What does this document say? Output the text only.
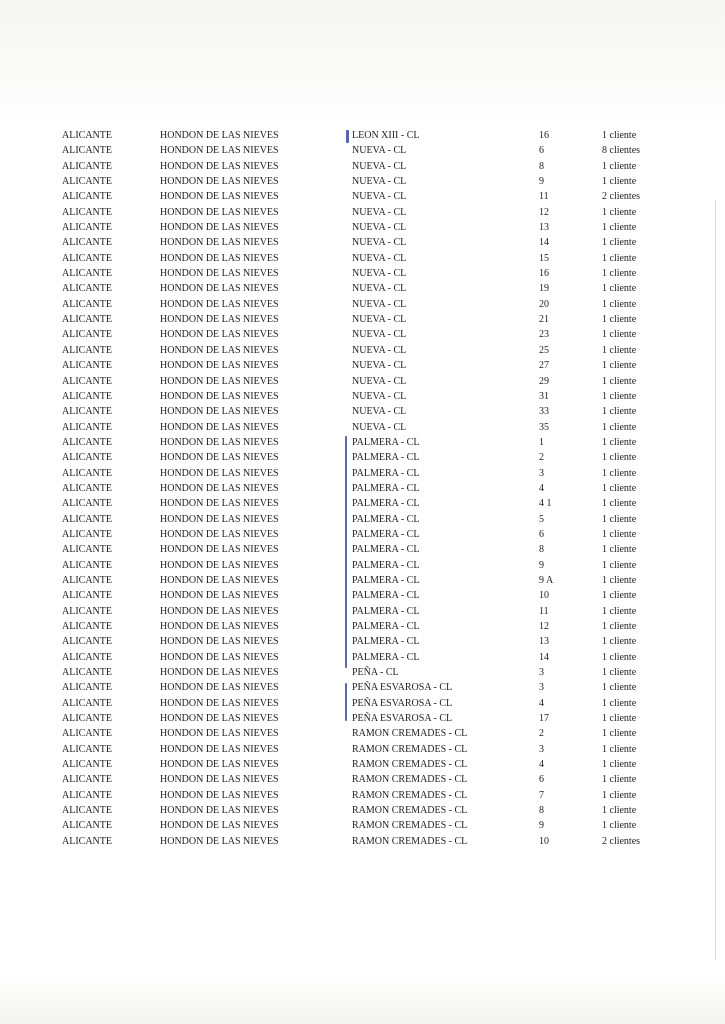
ALICANTE	HONDON DE LAS NIEVES	LEON XIII - CL	16	1 cliente
ALICANTE	HONDON DE LAS NIEVES	NUEVA - CL	6	8 clientes
ALICANTE	HONDON DE LAS NIEVES	NUEVA - CL	8	1 cliente
ALICANTE	HONDON DE LAS NIEVES	NUEVA - CL	9	1 cliente
ALICANTE	HONDON DE LAS NIEVES	NUEVA - CL	11	2 clientes
ALICANTE	HONDON DE LAS NIEVES	NUEVA - CL	12	1 cliente
ALICANTE	HONDON DE LAS NIEVES	NUEVA - CL	13	1 cliente
ALICANTE	HONDON DE LAS NIEVES	NUEVA - CL	14	1 cliente
ALICANTE	HONDON DE LAS NIEVES	NUEVA - CL	15	1 cliente
ALICANTE	HONDON DE LAS NIEVES	NUEVA - CL	16	1 cliente
ALICANTE	HONDON DE LAS NIEVES	NUEVA - CL	19	1 cliente
ALICANTE	HONDON DE LAS NIEVES	NUEVA - CL	20	1 cliente
ALICANTE	HONDON DE LAS NIEVES	NUEVA - CL	21	1 cliente
ALICANTE	HONDON DE LAS NIEVES	NUEVA - CL	23	1 cliente
ALICANTE	HONDON DE LAS NIEVES	NUEVA - CL	25	1 cliente
ALICANTE	HONDON DE LAS NIEVES	NUEVA - CL	27	1 cliente
ALICANTE	HONDON DE LAS NIEVES	NUEVA - CL	29	1 cliente
ALICANTE	HONDON DE LAS NIEVES	NUEVA - CL	31	1 cliente
ALICANTE	HONDON DE LAS NIEVES	NUEVA - CL	33	1 cliente
ALICANTE	HONDON DE LAS NIEVES	NUEVA - CL	35	1 cliente
ALICANTE	HONDON DE LAS NIEVES	PALMERA - CL	1	1 cliente
ALICANTE	HONDON DE LAS NIEVES	PALMERA - CL	2	1 cliente
ALICANTE	HONDON DE LAS NIEVES	PALMERA - CL	3	1 cliente
ALICANTE	HONDON DE LAS NIEVES	PALMERA - CL	4	1 cliente
ALICANTE	HONDON DE LAS NIEVES	PALMERA - CL	4 1	1 cliente
ALICANTE	HONDON DE LAS NIEVES	PALMERA - CL	5	1 cliente
ALICANTE	HONDON DE LAS NIEVES	PALMERA - CL	6	1 cliente
ALICANTE	HONDON DE LAS NIEVES	PALMERA - CL	8	1 cliente
ALICANTE	HONDON DE LAS NIEVES	PALMERA - CL	9	1 cliente
ALICANTE	HONDON DE LAS NIEVES	PALMERA - CL	9 A	1 cliente
ALICANTE	HONDON DE LAS NIEVES	PALMERA - CL	10	1 cliente
ALICANTE	HONDON DE LAS NIEVES	PALMERA - CL	11	1 cliente
ALICANTE	HONDON DE LAS NIEVES	PALMERA - CL	12	1 cliente
ALICANTE	HONDON DE LAS NIEVES	PALMERA - CL	13	1 cliente
ALICANTE	HONDON DE LAS NIEVES	PALMERA - CL	14	1 cliente
ALICANTE	HONDON DE LAS NIEVES	PEÑA - CL	3	1 cliente
ALICANTE	HONDON DE LAS NIEVES	PEÑA ESVAROSA - CL	3	1 cliente
ALICANTE	HONDON DE LAS NIEVES	PEÑA ESVAROSA - CL	4	1 cliente
ALICANTE	HONDON DE LAS NIEVES	PEÑA ESVAROSA - CL	17	1 cliente
ALICANTE	HONDON DE LAS NIEVES	RAMON CREMADES - CL	2	1 cliente
ALICANTE	HONDON DE LAS NIEVES	RAMON CREMADES - CL	3	1 cliente
ALICANTE	HONDON DE LAS NIEVES	RAMON CREMADES - CL	4	1 cliente
ALICANTE	HONDON DE LAS NIEVES	RAMON CREMADES - CL	6	1 cliente
ALICANTE	HONDON DE LAS NIEVES	RAMON CREMADES - CL	7	1 cliente
ALICANTE	HONDON DE LAS NIEVES	RAMON CREMADES - CL	8	1 cliente
ALICANTE	HONDON DE LAS NIEVES	RAMON CREMADES - CL	9	1 cliente
ALICANTE	HONDON DE LAS NIEVES	RAMON CREMADES - CL	10	2 clientes
